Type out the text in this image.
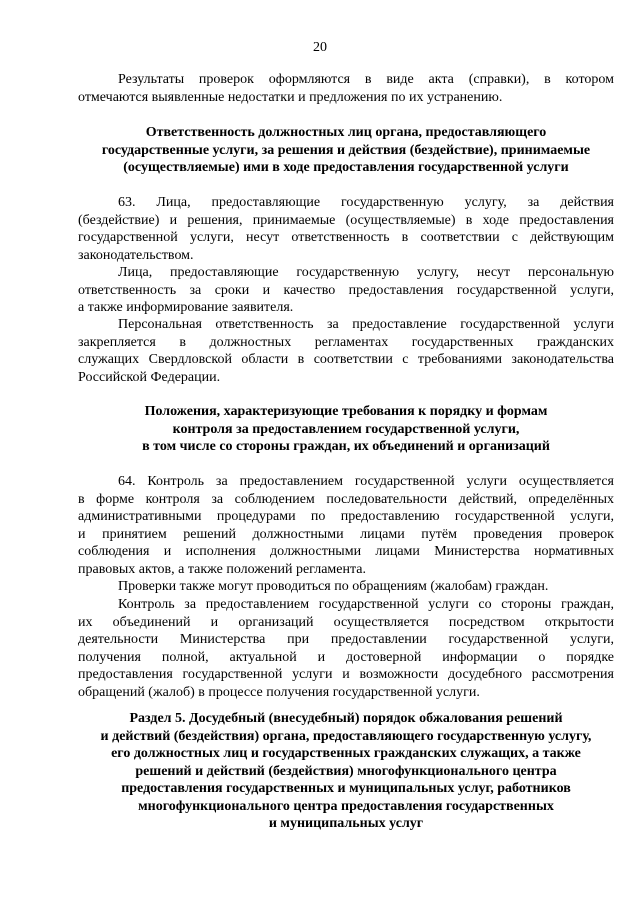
20
Результаты проверок оформляются в виде акта (справки), в котором
отмечаются выявленные недостатки и предложения по их устранению.
Ответственность должностных лиц органа, предоставляющего
государственные услуги, за решения и действия (бездействие), принимаемые
(осуществляемые) ими в ходе предоставления государственной услуги
63. Лица, предоставляющие государственную услугу, за действия
(бездействие) и решения, принимаемые (осуществляемые) в ходе предоставления
государственной услуги, несут ответственность в соответствии с действующим
законодательством.
Лица, предоставляющие государственную услугу, несут персональную
ответственность за сроки и качество предоставления государственной услуги,
а также информирование заявителя.
Персональная ответственность за предоставление государственной услуги
закрепляется в должностных регламентах государственных гражданских
служащих Свердловской области в соответствии с требованиями законодательства
Российской Федерации.
Положения, характеризующие требования к порядку и формам
контроля за предоставлением государственной услуги,
в том числе со стороны граждан, их объединений и организаций
64. Контроль за предоставлением государственной услуги осуществляется
в форме контроля за соблюдением последовательности действий, определённых
административными процедурами по предоставлению государственной услуги,
и принятием решений должностными лицами путём проведения проверок
соблюдения и исполнения должностными лицами Министерства нормативных
правовых актов, а также положений регламента.
Проверки также могут проводиться по обращениям (жалобам) граждан.
Контроль за предоставлением государственной услуги со стороны граждан,
их объединений и организаций осуществляется посредством открытости
деятельности Министерства при предоставлении государственной услуги,
получения полной, актуальной и достоверной информации о порядке
предоставления государственной услуги и возможности досудебного рассмотрения
обращений (жалоб) в процессе получения государственной услуги.
Раздел 5. Досудебный (внесудебный) порядок обжалования решений
и действий (бездействия) органа, предоставляющего государственную услугу,
его должностных лиц и государственных гражданских служащих, а также
решений и действий (бездействия) многофункционального центра
предоставления государственных и муниципальных услуг, работников
многофункционального центра предоставления государственных
и муниципальных услуг
